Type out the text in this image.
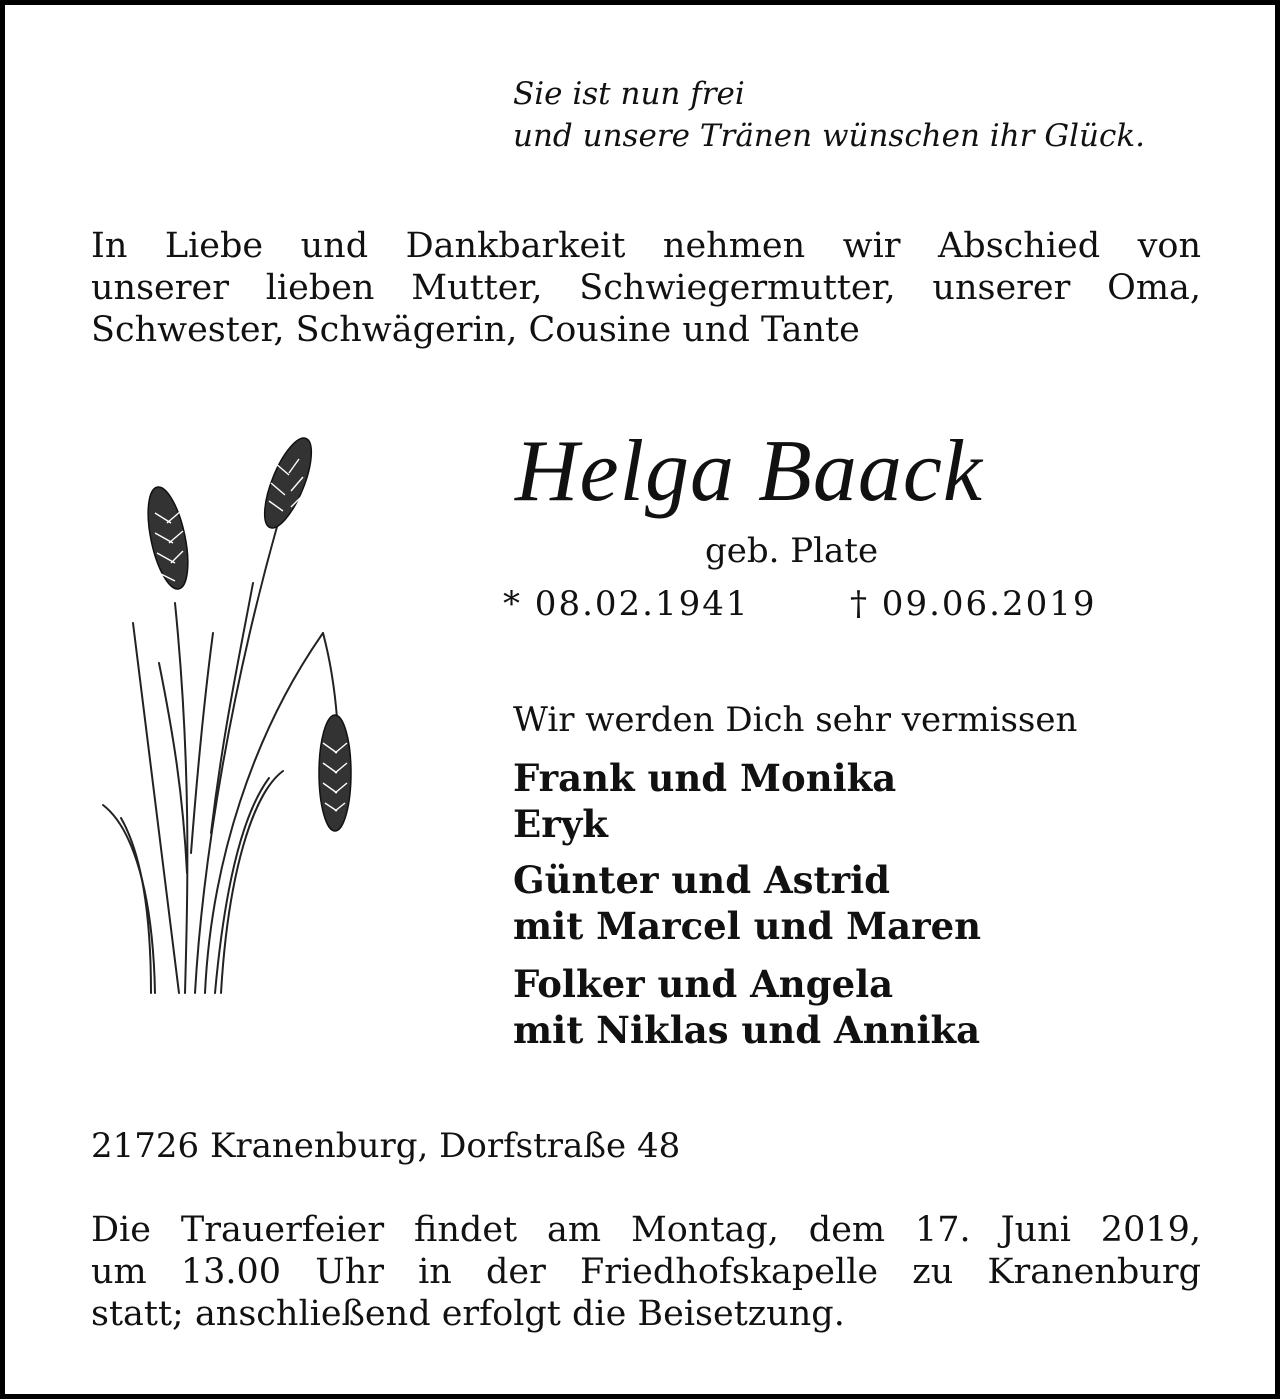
Sie ist nun frei
und unsere Tränen wünschen ihr Glück.
In Liebe und Dankbarkeit nehmen wir Abschied von
unserer lieben Mutter, Schwiegermutter, unserer Oma,
Schwester, Schwägerin, Cousine und Tante
Helga Baack
geb. Plate
* 08.02.1941	† 09.06.2019
Wir werden Dich sehr vermissen
Frank und Monika
Eryk
Günter und Astrid
mit Marcel und Maren
Folker und Angela
mit Niklas und Annika
21726 Kranenburg, Dorfstraße 48
Die Trauerfeier findet am Montag, dem 17. Juni 2019,
um 13.00 Uhr in der Friedhofskapelle zu Kranenburg
statt; anschließend erfolgt die Beisetzung.
